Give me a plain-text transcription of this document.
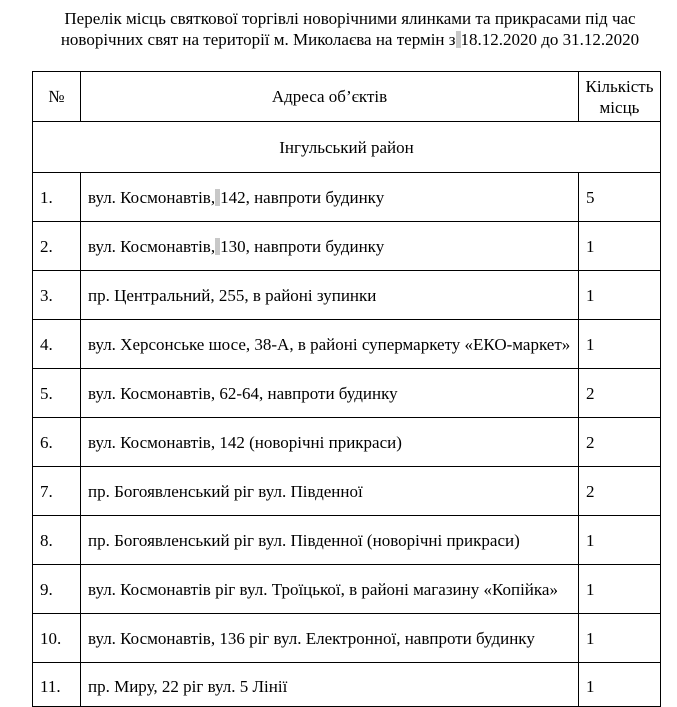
Перелік місць святкової торгівлі новорічними ялинками та прикрасами під час
новорічних свят на території м. Миколаєва на термін з 18.12.2020 до 31.12.2020
№	Адреса об’єктів	Кількість
місць
Інгульський район		
1.	вул. Космонавтів, 142, навпроти будинку	5
2.	вул. Космонавтів, 130, навпроти будинку	1
3.	пр. Центральний, 255, в районі зупинки	1
4.	вул. Херсонське шосе, 38-А, в районі супермаркету «ЕКО-маркет»	1
5.	вул. Космонавтів, 62-64, навпроти будинку	2
6.	вул. Космонавтів, 142 (новорічні прикраси)	2
7.	пр. Богоявленський ріг вул. Південної	2
8.	пр. Богоявленський ріг вул. Південної (новорічні прикраси)	1
9.	вул. Космонавтів ріг вул. Троїцької, в районі магазину «Копійка»	1
10.	вул. Космонавтів, 136 ріг вул. Електронної, навпроти будинку	1
11.	пр. Миру, 22 ріг вул. 5 Лінії	1
